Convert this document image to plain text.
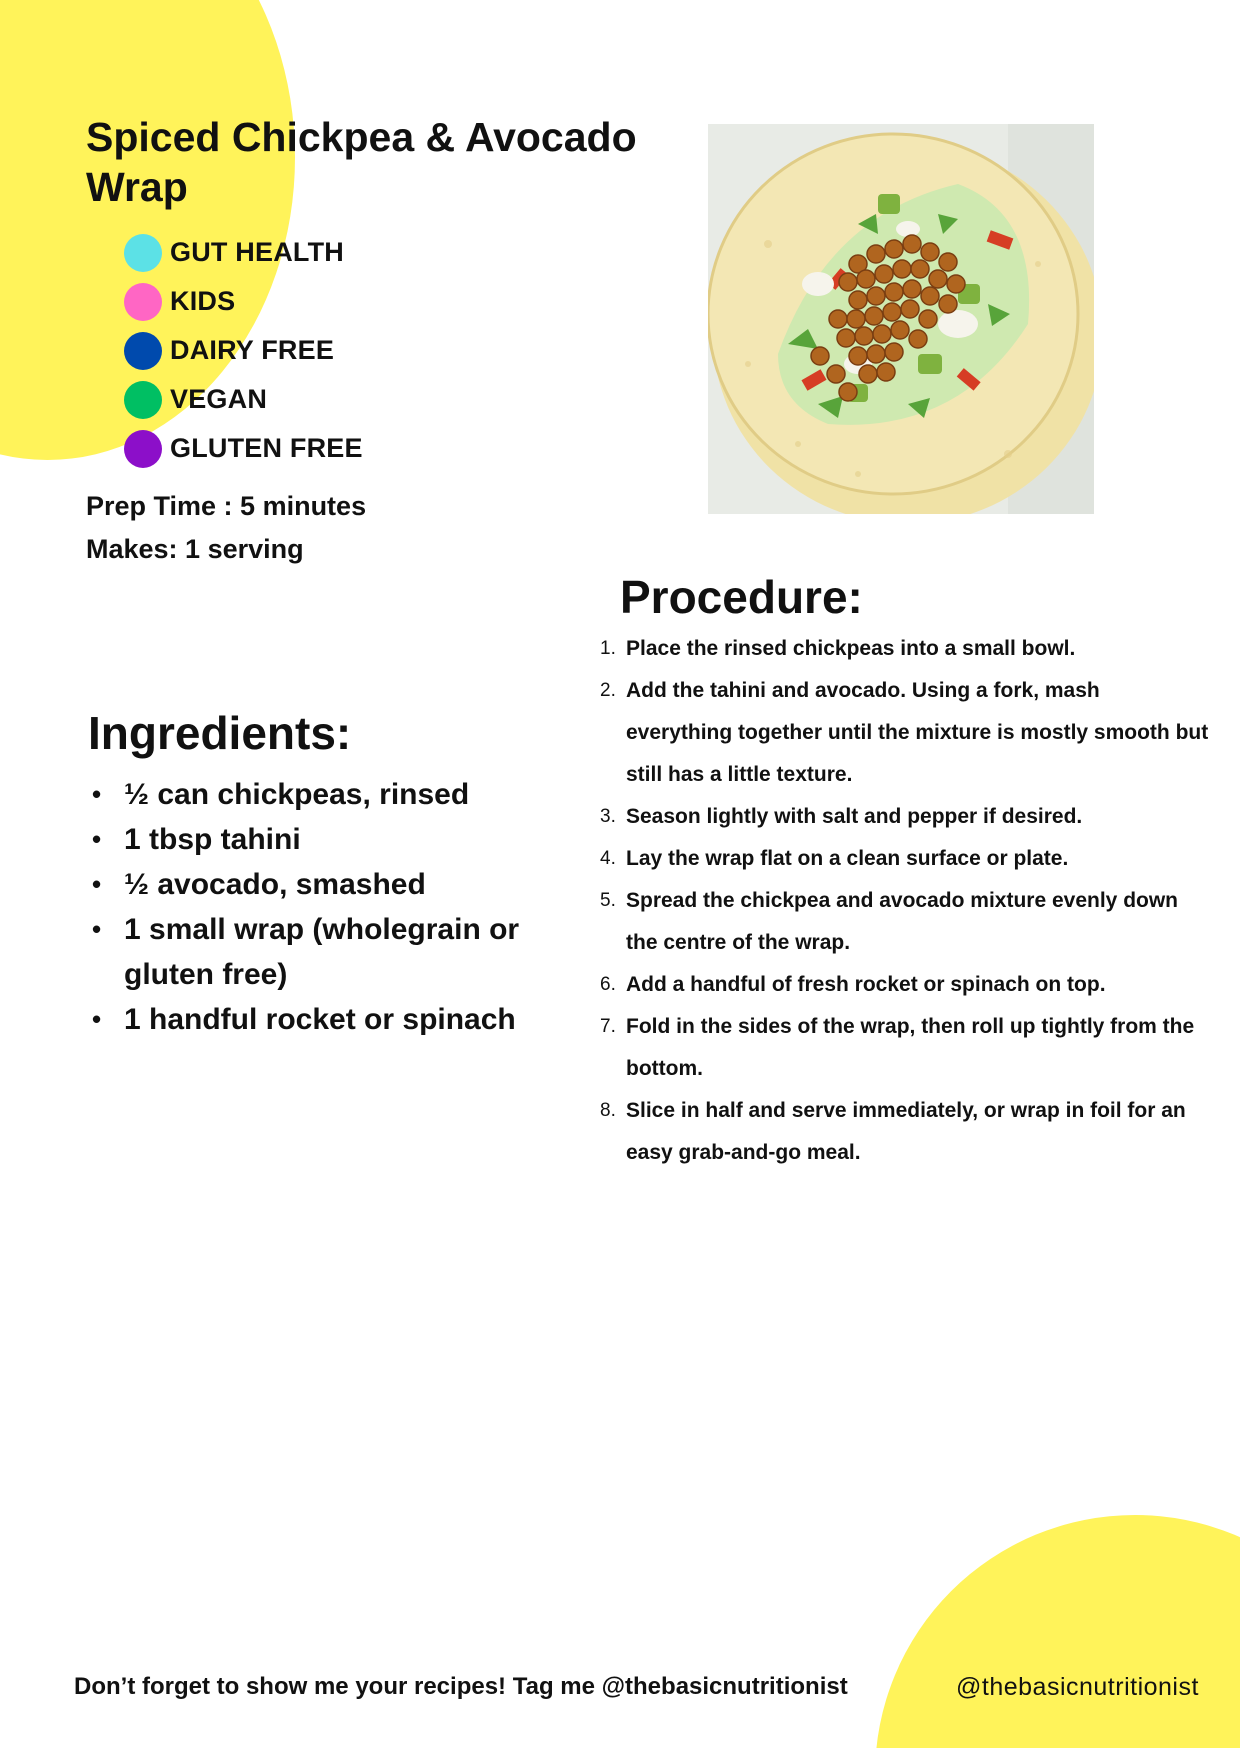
Spiced Chickpea & Avocado Wrap
GUT HEALTH
KIDS
DAIRY FREE
VEGAN
GLUTEN FREE
Prep Time : 5 minutes
Makes: 1 serving
Ingredients:
• ½ can chickpeas, rinsed
• 1 tbsp tahini
• ½ avocado, smashed
• 1 small wrap (wholegrain or gluten free)
• 1 handful rocket or spinach
Procedure:
1. Place the rinsed chickpeas into a small bowl.
2. Add the tahini and avocado. Using a fork, mash everything together until the mixture is mostly smooth but still has a little texture.
3. Season lightly with salt and pepper if desired.
4. Lay the wrap flat on a clean surface or plate.
5. Spread the chickpea and avocado mixture evenly down the centre of the wrap.
6. Add a handful of fresh rocket or spinach on top.
7. Fold in the sides of the wrap, then roll up tightly from the bottom.
8. Slice in half and serve immediately, or wrap in foil for an easy grab-and-go meal.
Don’t forget to show me your recipes! Tag me @thebasicnutritionist	@thebasicnutritionist
